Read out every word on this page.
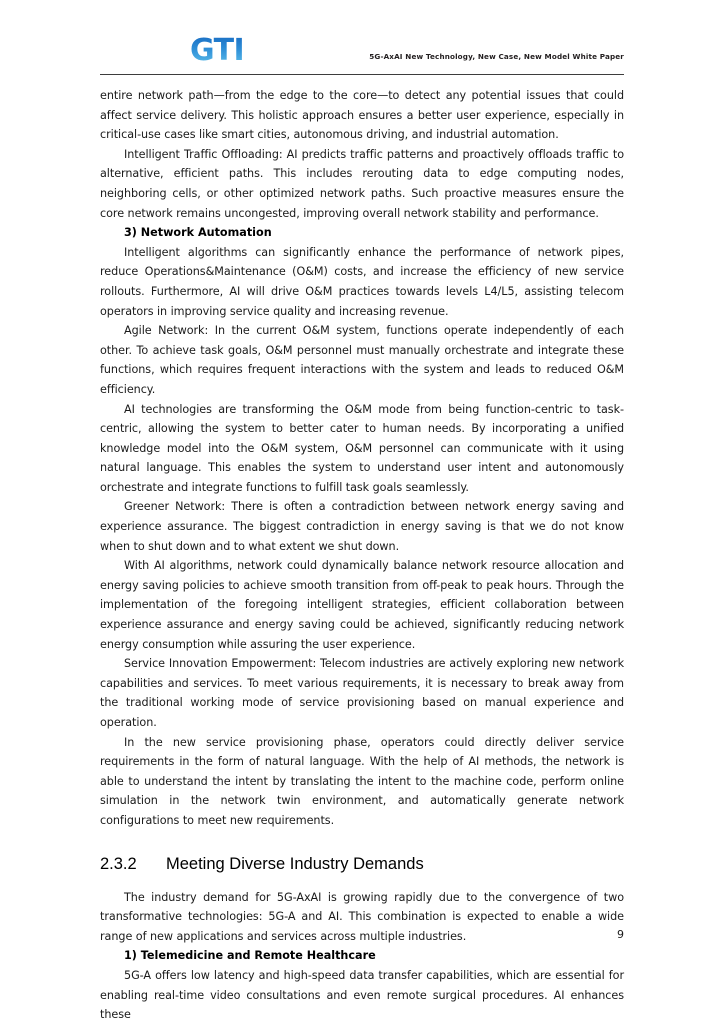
GTI	5G-AxAI New Technology, New Case, New Model White Paper

entire network path—from the edge to the core—to detect any potential issues that could affect service delivery. This holistic approach ensures a better user experience, especially in critical-use cases like smart cities, autonomous driving, and industrial automation.

Intelligent Traffic Offloading: AI predicts traffic patterns and proactively offloads traffic to alternative, efficient paths. This includes rerouting data to edge computing nodes, neighboring cells, or other optimized network paths. Such proactive measures ensure the core network remains uncongested, improving overall network stability and performance.

3) Network Automation

Intelligent algorithms can significantly enhance the performance of network pipes, reduce Operations&Maintenance (O&M) costs, and increase the efficiency of new service rollouts. Furthermore, AI will drive O&M practices towards levels L4/L5, assisting telecom operators in improving service quality and increasing revenue.

Agile Network: In the current O&M system, functions operate independently of each other. To achieve task goals, O&M personnel must manually orchestrate and integrate these functions, which requires frequent interactions with the system and leads to reduced O&M efficiency.

AI technologies are transforming the O&M mode from being function-centric to task-centric, allowing the system to better cater to human needs. By incorporating a unified knowledge model into the O&M system, O&M personnel can communicate with it using natural language. This enables the system to understand user intent and autonomously orchestrate and integrate functions to fulfill task goals seamlessly.

Greener Network: There is often a contradiction between network energy saving and experience assurance. The biggest contradiction in energy saving is that we do not know when to shut down and to what extent we shut down.

With AI algorithms, network could dynamically balance network resource allocation and energy saving policies to achieve smooth transition from off-peak to peak hours. Through the implementation of the foregoing intelligent strategies, efficient collaboration between experience assurance and energy saving could be achieved, significantly reducing network energy consumption while assuring the user experience.

Service Innovation Empowerment: Telecom industries are actively exploring new network capabilities and services. To meet various requirements, it is necessary to break away from the traditional working mode of service provisioning based on manual experience and operation.

In the new service provisioning phase, operators could directly deliver service requirements in the form of natural language. With the help of AI methods, the network is able to understand the intent by translating the intent to the machine code, perform online simulation in the network twin environment, and automatically generate network configurations to meet new requirements.

2.3.2	Meeting Diverse Industry Demands

The industry demand for 5G-AxAI is growing rapidly due to the convergence of two transformative technologies: 5G-A and AI. This combination is expected to enable a wide range of new applications and services across multiple industries.

1) Telemedicine and Remote Healthcare

5G-A offers low latency and high-speed data transfer capabilities, which are essential for enabling real-time video consultations and even remote surgical procedures. AI enhances these

9
